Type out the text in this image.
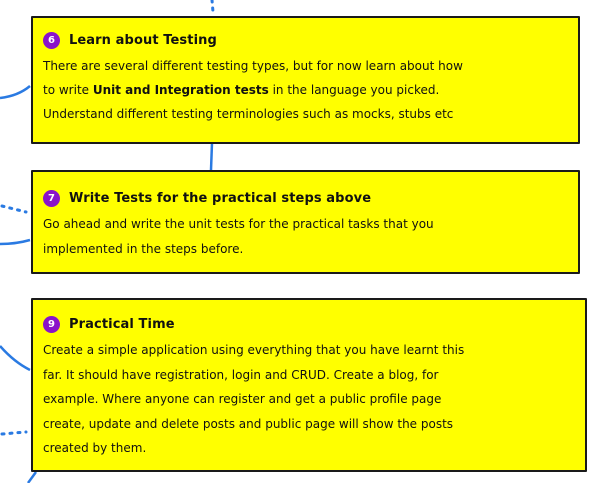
6	Learn about Testing
There are several different testing types, but for now learn about how
to write Unit and Integration tests in the language you picked.
Understand different testing terminologies such as mocks, stubs etc
7	Write Tests for the practical steps above
Go ahead and write the unit tests for the practical tasks that you
implemented in the steps before.
9	Practical Time
Create a simple application using everything that you have learnt this
far. It should have registration, login and CRUD. Create a blog, for
example. Where anyone can register and get a public profile page
create, update and delete posts and public page will show the posts
created by them.
